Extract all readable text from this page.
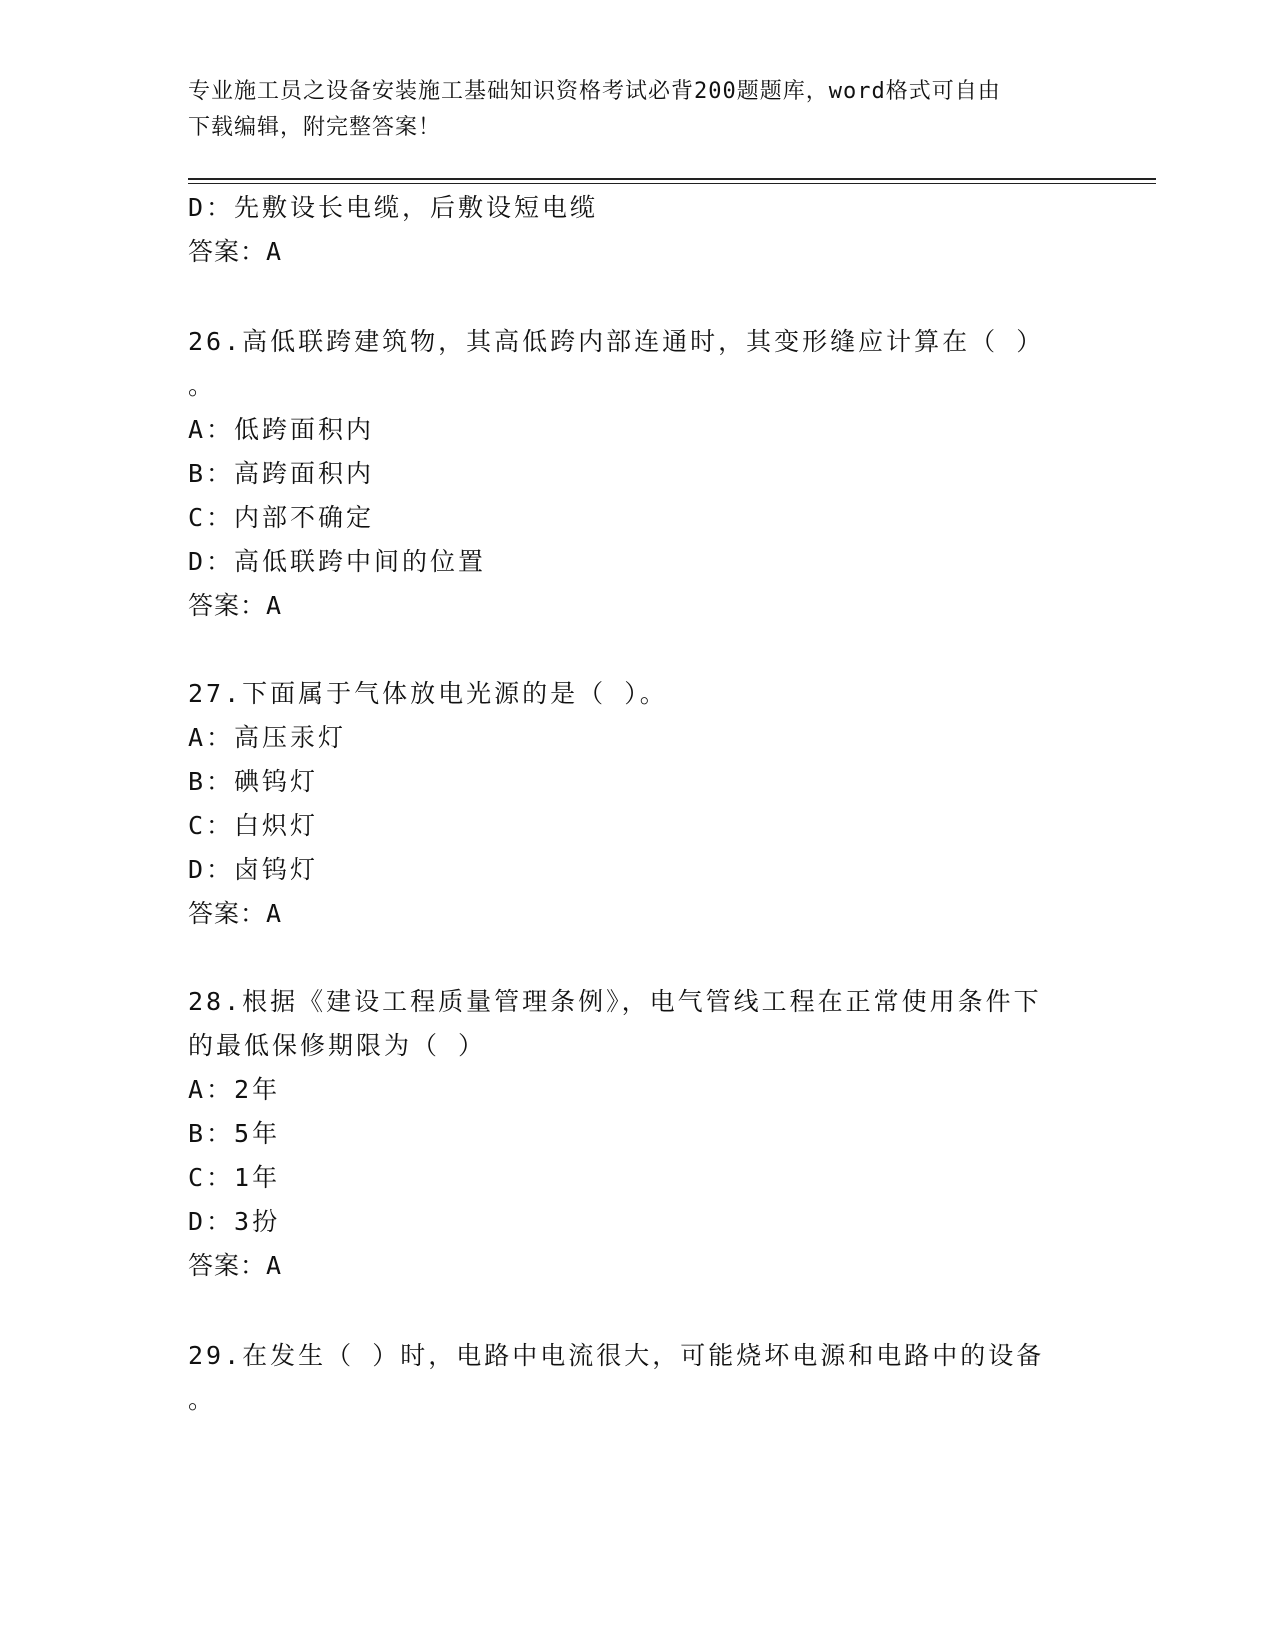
专业施工员之设备安装施工基础知识资格考试必背200题题库，word格式可自由
下载编辑，附完整答案！
D：先敷设长电缆，后敷设短电缆
答案：A
26.高低联跨建筑物，其高低跨内部连通时，其变形缝应计算在（ ）
。
A：低跨面积内
B：高跨面积内
C：内部不确定
D：高低联跨中间的位置
答案：A
27.下面属于气体放电光源的是（ ）。
A：高压汞灯
B：碘钨灯
C：白炽灯
D：卤钨灯
答案：A
28.根据《建设工程质量管理条例》，电气管线工程在正常使用条件下
的最低保修期限为（ ）
A：2年
B：5年
C：1年
D：3扮
答案：A
29.在发生（ ）时，电路中电流很大，可能烧坏电源和电路中的设备
。
